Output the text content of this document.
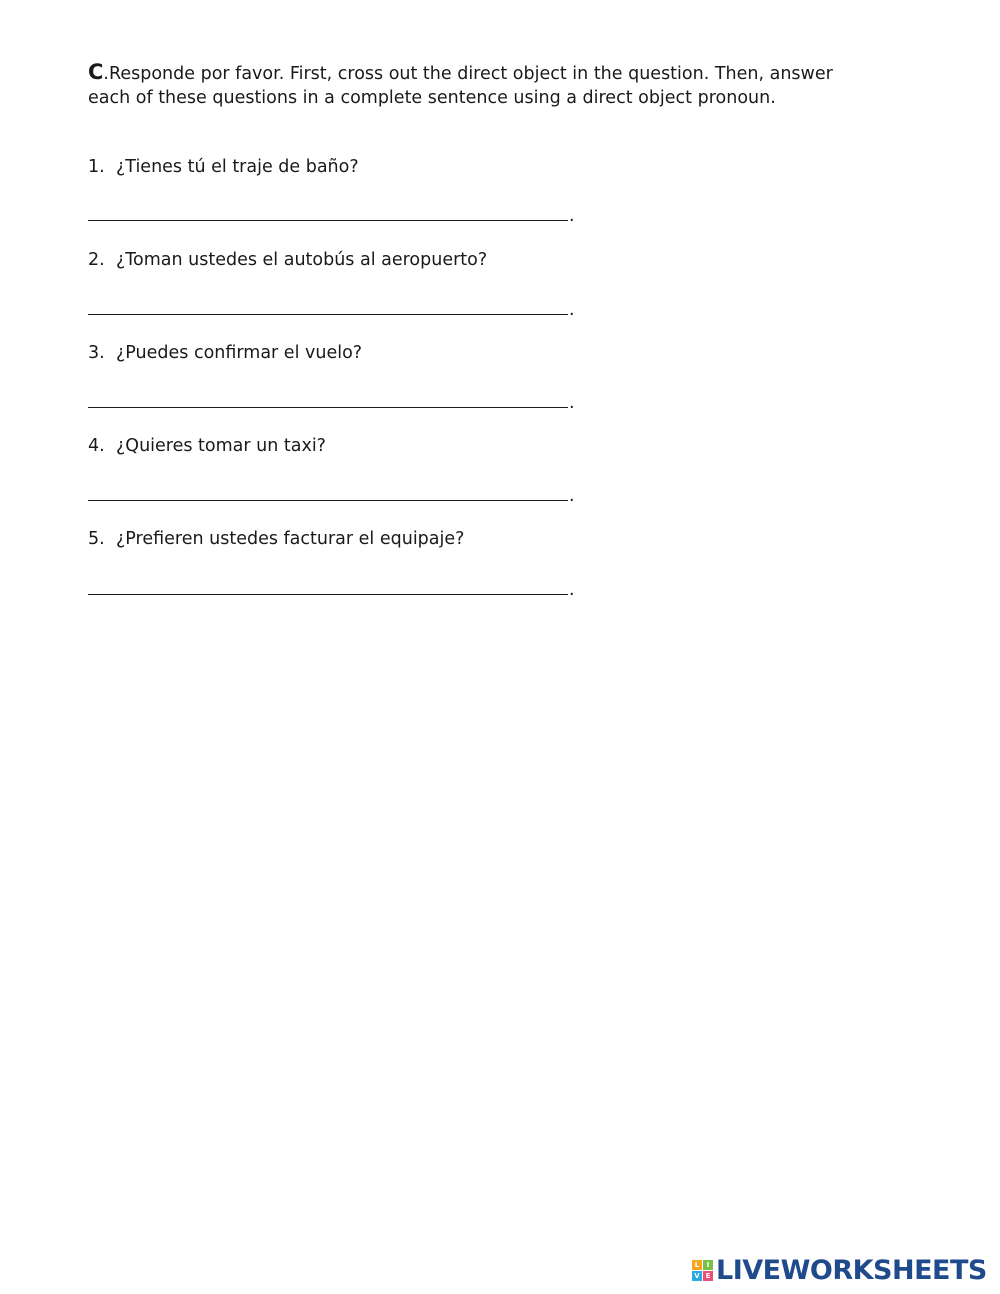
C.Responde por favor. First, cross out the direct object in the question. Then, answer each of these questions in a complete sentence using a direct object pronoun.
1. ¿Tienes tú el traje de baño?
.
2. ¿Toman ustedes el autobús al aeropuerto?
.
3. ¿Puedes confirmar el vuelo?
.
4. ¿Quieres tomar un taxi?
.
5. ¿Prefieren ustedes facturar el equipaje?
.
L	I
V E LIVEWORKSHEETS
